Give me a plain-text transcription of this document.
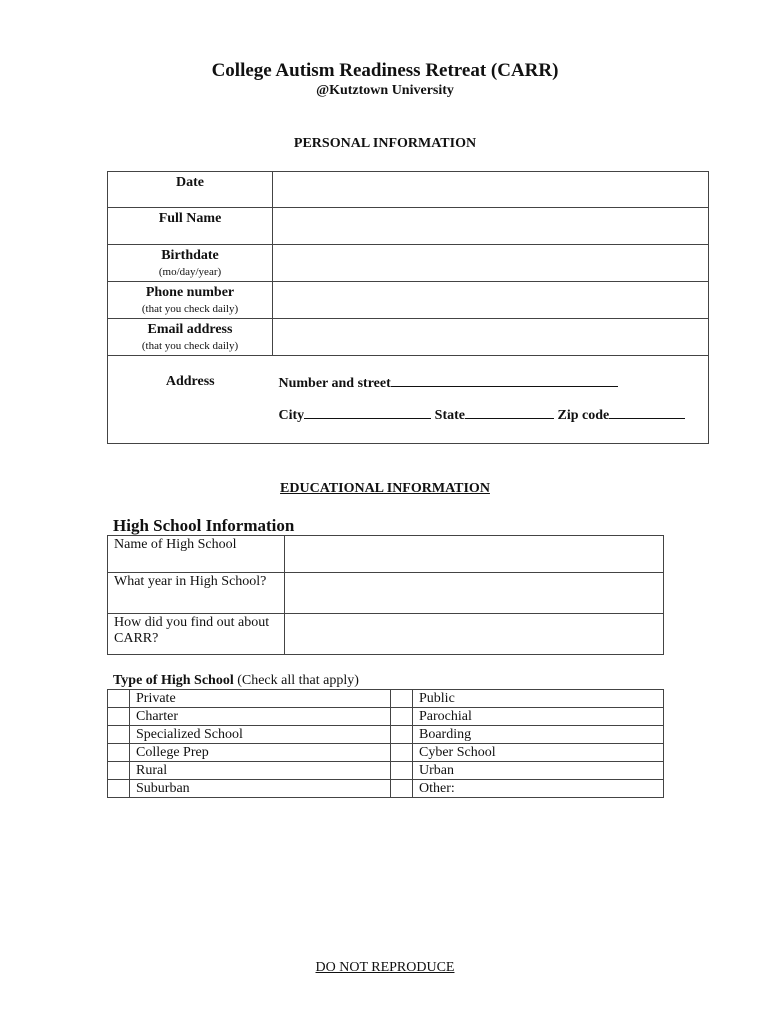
College Autism Readiness Retreat (CARR)
@Kutztown University
PERSONAL INFORMATION
Date	

Full Name	

Birthdate
(mo/day/year)	

Phone number
(that you check daily)	

Email address
(that you check daily)	

Address	Number and street
City State Zip code
EDUCATIONAL INFORMATION
High School Information
Name of High School	
What year in High School?	
How did you find out about CARR?	
Type of High School (Check all that apply)
	Private		Public
	Charter		Parochial
	Specialized School		Boarding
	College Prep		Cyber School
	Rural		Urban
	Suburban		Other:
DO NOT REPRODUCE
